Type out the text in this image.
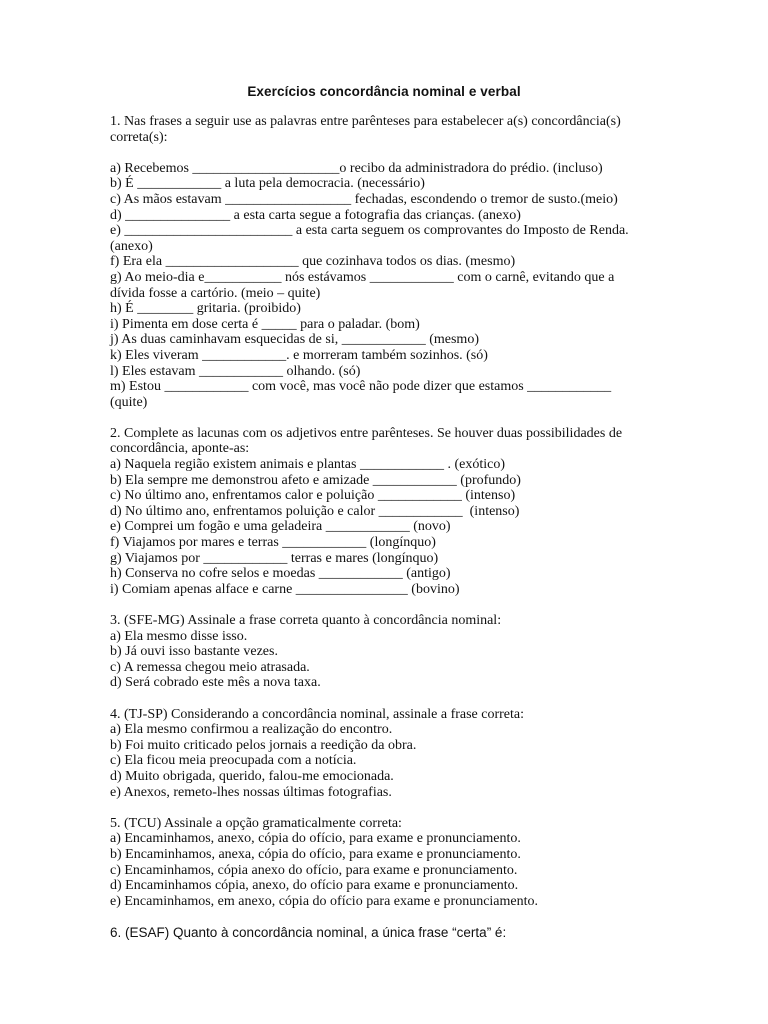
Exercícios concordância nominal e verbal

1. Nas frases a seguir use as palavras entre parênteses para estabelecer a(s) concordância(s) correta(s):

a) Recebemos _____________________o recibo da administradora do prédio. (incluso)

b) É ____________ a luta pela democracia. (necessário)

c) As mãos estavam __________________ fechadas, escondendo o tremor de susto.(meio)

d) _______________ a esta carta segue a fotografia das crianças. (anexo)

e) ________________________ a esta carta seguem os comprovantes do Imposto de Renda. (anexo)

f) Era ela ___________________ que cozinhava todos os dias. (mesmo)

g) Ao meio-dia e___________ nós estávamos ____________ com o carnê, evitando que a dívida fosse a cartório. (meio – quite)

h) É ________ gritaria. (proibido)

i) Pimenta em dose certa é _____ para o paladar. (bom)

j) As duas caminhavam esquecidas de si, ____________ (mesmo)

k) Eles viveram ____________. e morreram também sozinhos. (só)

l) Eles estavam ____________ olhando. (só)

m) Estou ____________ com você, mas você não pode dizer que estamos ____________ (quite)

2. Complete as lacunas com os adjetivos entre parênteses. Se houver duas possibilidades de concordância, aponte-as:

a) Naquela região existem animais e plantas ____________ . (exótico)

b) Ela sempre me demonstrou afeto e amizade ____________ (profundo)

c) No último ano, enfrentamos calor e poluição ____________ (intenso)

d) No último ano, enfrentamos poluição e calor ____________  (intenso)

e) Comprei um fogão e uma geladeira ____________ (novo)

f) Viajamos por mares e terras ____________ (longínquo)

g) Viajamos por ____________ terras e mares (longínquo)

h) Conserva no cofre selos e moedas ____________ (antigo)

i) Comiam apenas alface e carne ________________ (bovino)

3. (SFE-MG) Assinale a frase correta quanto à concordância nominal:

a) Ela mesmo disse isso.

b) Já ouvi isso bastante vezes.

c) A remessa chegou meio atrasada.

d) Será cobrado este mês a nova taxa.

4. (TJ-SP) Considerando a concordância nominal, assinale a frase correta:

a) Ela mesmo confirmou a realização do encontro.

b) Foi muito criticado pelos jornais a reedição da obra.

c) Ela ficou meia preocupada com a notícia.

d) Muito obrigada, querido, falou-me emocionada.

e) Anexos, remeto-lhes nossas últimas fotografias.

5. (TCU) Assinale a opção gramaticalmente correta:

a) Encaminhamos, anexo, cópia do ofício, para exame e pronunciamento.

b) Encaminhamos, anexa, cópia do ofício, para exame e pronunciamento.

c) Encaminhamos, cópia anexo do ofício, para exame e pronunciamento.

d) Encaminhamos cópia, anexo, do ofício para exame e pronunciamento.

e) Encaminhamos, em anexo, cópia do ofício para exame e pronunciamento.

6. (ESAF) Quanto à concordância nominal, a única frase “certa” é:
